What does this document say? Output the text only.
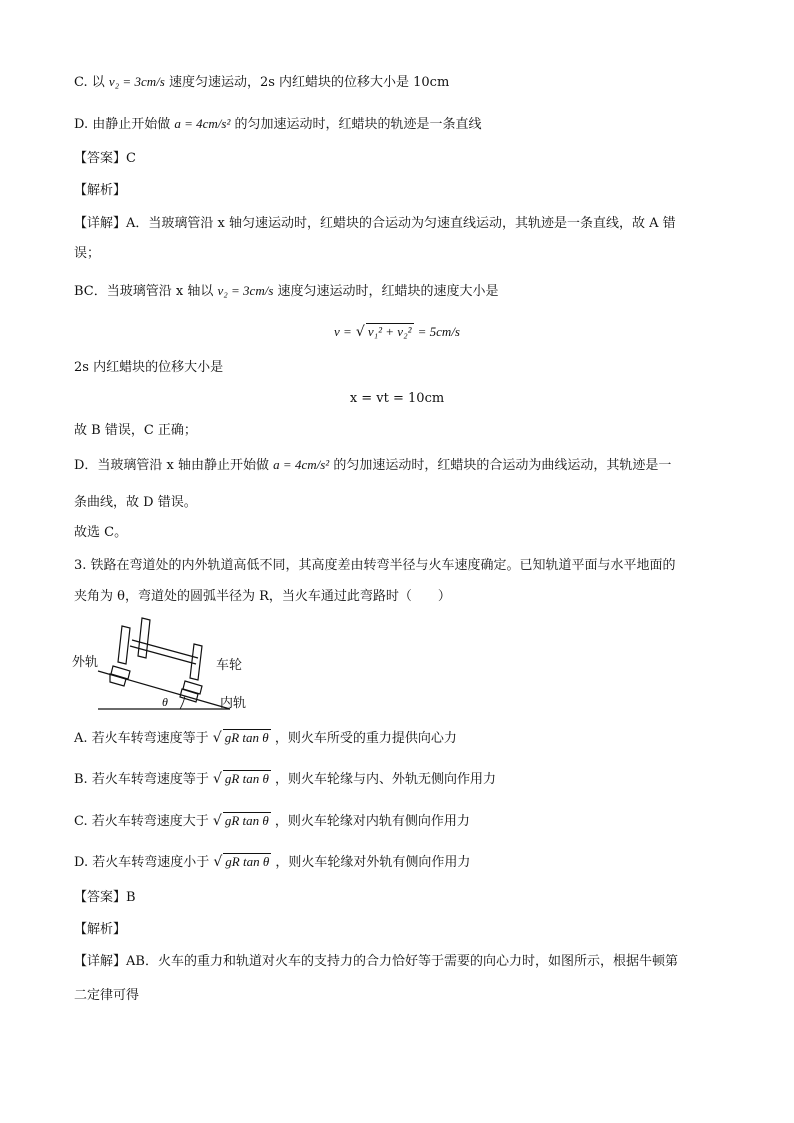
C. 以 v₂ = 3cm/s 速度匀速运动，2s 内红蜡块的位移大小是 10cm
D. 由静止开始做 a = 4cm/s² 的匀加速运动时，红蜡块的轨迹是一条直线
【答案】C
【解析】
【详解】A．当玻璃管沿 x 轴匀速运动时，红蜡块的合运动为匀速直线运动，其轨迹是一条直线，故 A 错
误；
BC．当玻璃管沿 x 轴以 v₂ = 3cm/s 速度匀速运动时，红蜡块的速度大小是
v = √ v₁² + v₂² = 5cm/s
2s 内红蜡块的位移大小是
x = vt = 10cm
故 B 错误，C 正确；
D．当玻璃管沿 x 轴由静止开始做 a = 4cm/s² 的匀加速运动时，红蜡块的合运动为曲线运动，其轨迹是一
条曲线，故 D 错误。
故选 C。
3. 铁路在弯道处的内外轨道高低不同，其高度差由转弯半径与火车速度确定。已知轨道平面与水平地面的
夹角为 θ，弯道处的圆弧半径为 R，当火车通过此弯路时（　　）
外轨	车轮
内轨
θ
A. 若火车转弯速度等于 √ gR tan θ ，则火车所受的重力提供向心力
B. 若火车转弯速度等于 √ gR tan θ ，则火车轮缘与内、外轨无侧向作用力
C. 若火车转弯速度大于 √ gR tan θ ，则火车轮缘对内轨有侧向作用力
D. 若火车转弯速度小于 √ gR tan θ ，则火车轮缘对外轨有侧向作用力
【答案】B
【解析】
【详解】AB．火车的重力和轨道对火车的支持力的合力恰好等于需要的向心力时，如图所示，根据牛顿第
二定律可得
